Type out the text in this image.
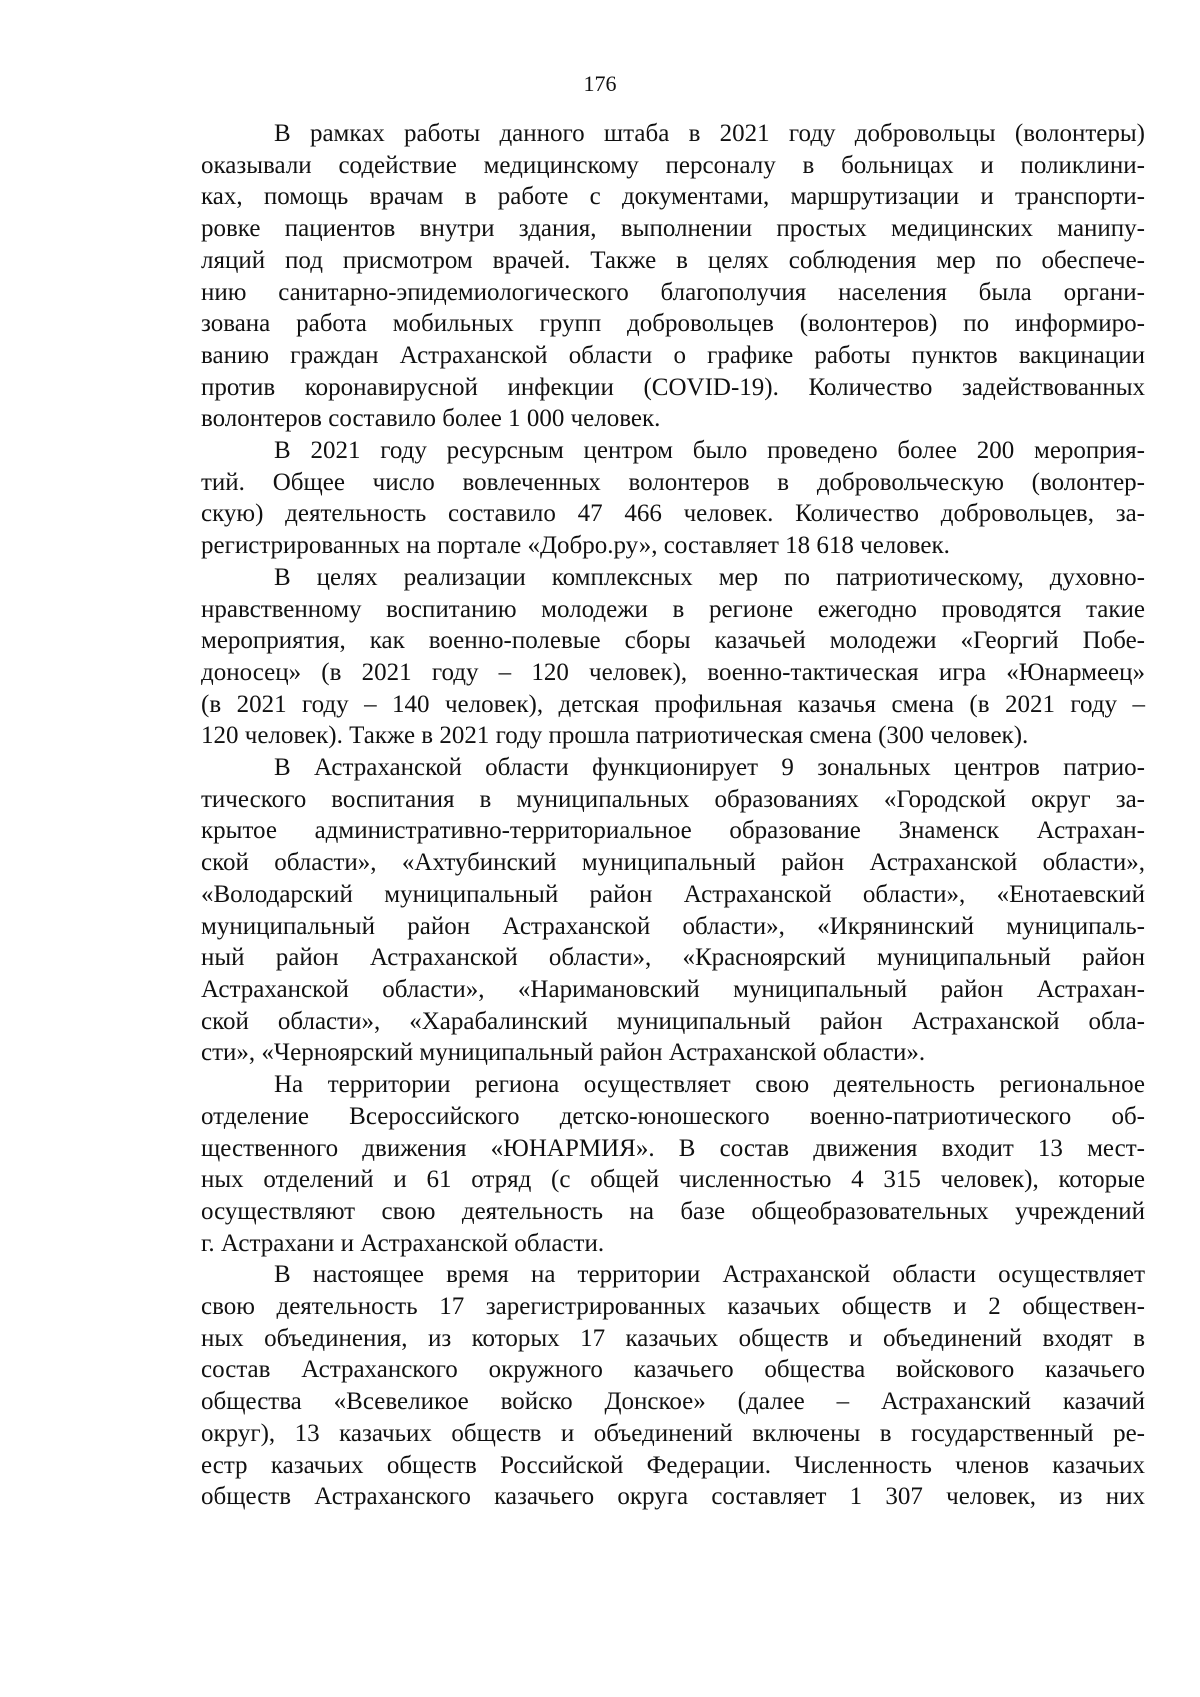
176
В рамках работы данного штаба в 2021 году добровольцы (волонтеры)
оказывали содействие медицинскому персоналу в больницах и поликлини-
ках, помощь врачам в работе с документами, маршрутизации и транспорти-
ровке пациентов внутри здания, выполнении простых медицинских манипу-
ляций под присмотром врачей. Также в целях соблюдения мер по обеспече-
нию санитарно-эпидемиологического благополучия населения была органи-
зована работа мобильных групп добровольцев (волонтеров) по информиро-
ванию граждан Астраханской области о графике работы пунктов вакцинации
против коронавирусной инфекции (COVID-19). Количество задействованных
волонтеров составило более 1 000 человек.
В 2021 году ресурсным центром было проведено более 200 мероприя-
тий. Общее число вовлеченных волонтеров в добровольческую (волонтер-
скую) деятельность составило 47 466 человек. Количество добровольцев, за-
регистрированных на портале «Добро.ру», составляет 18 618 человек.
В целях реализации комплексных мер по патриотическому, духовно-
нравственному воспитанию молодежи в регионе ежегодно проводятся такие
мероприятия, как военно-полевые сборы казачьей молодежи «Георгий Побе-
доносец» (в 2021 году – 120 человек), военно-тактическая игра «Юнармеец»
(в 2021 году – 140 человек), детская профильная казачья смена (в 2021 году –
120 человек). Также в 2021 году прошла патриотическая смена (300 человек).
В Астраханской области функционирует 9 зональных центров патрио-
тического воспитания в муниципальных образованиях «Городской округ за-
крытое административно-территориальное образование Знаменск Астрахан-
ской области», «Ахтубинский муниципальный район Астраханской области»,
«Володарский муниципальный район Астраханской области», «Енотаевский
муниципальный район Астраханской области», «Икрянинский муниципаль-
ный район Астраханской области», «Красноярский муниципальный район
Астраханской области», «Наримановский муниципальный район Астрахан-
ской области», «Харабалинский муниципальный район Астраханской обла-
сти», «Черноярский муниципальный район Астраханской области».
На территории региона осуществляет свою деятельность региональное
отделение Всероссийского детско-юношеского военно-патриотического об-
щественного движения «ЮНАРМИЯ». В состав движения входит 13 мест-
ных отделений и 61 отряд (с общей численностью 4 315 человек), которые
осуществляют свою деятельность на базе общеобразовательных учреждений
г. Астрахани и Астраханской области.
В настоящее время на территории Астраханской области осуществляет
свою деятельность 17 зарегистрированных казачьих обществ и 2 обществен-
ных объединения, из которых 17 казачьих обществ и объединений входят в
состав Астраханского окружного казачьего общества войскового казачьего
общества «Всевеликое войско Донское» (далее – Астраханский казачий
округ), 13 казачьих обществ и объединений включены в государственный ре-
естр казачьих обществ Российской Федерации. Численность членов казачьих
обществ Астраханского казачьего округа составляет 1 307 человек, из них
